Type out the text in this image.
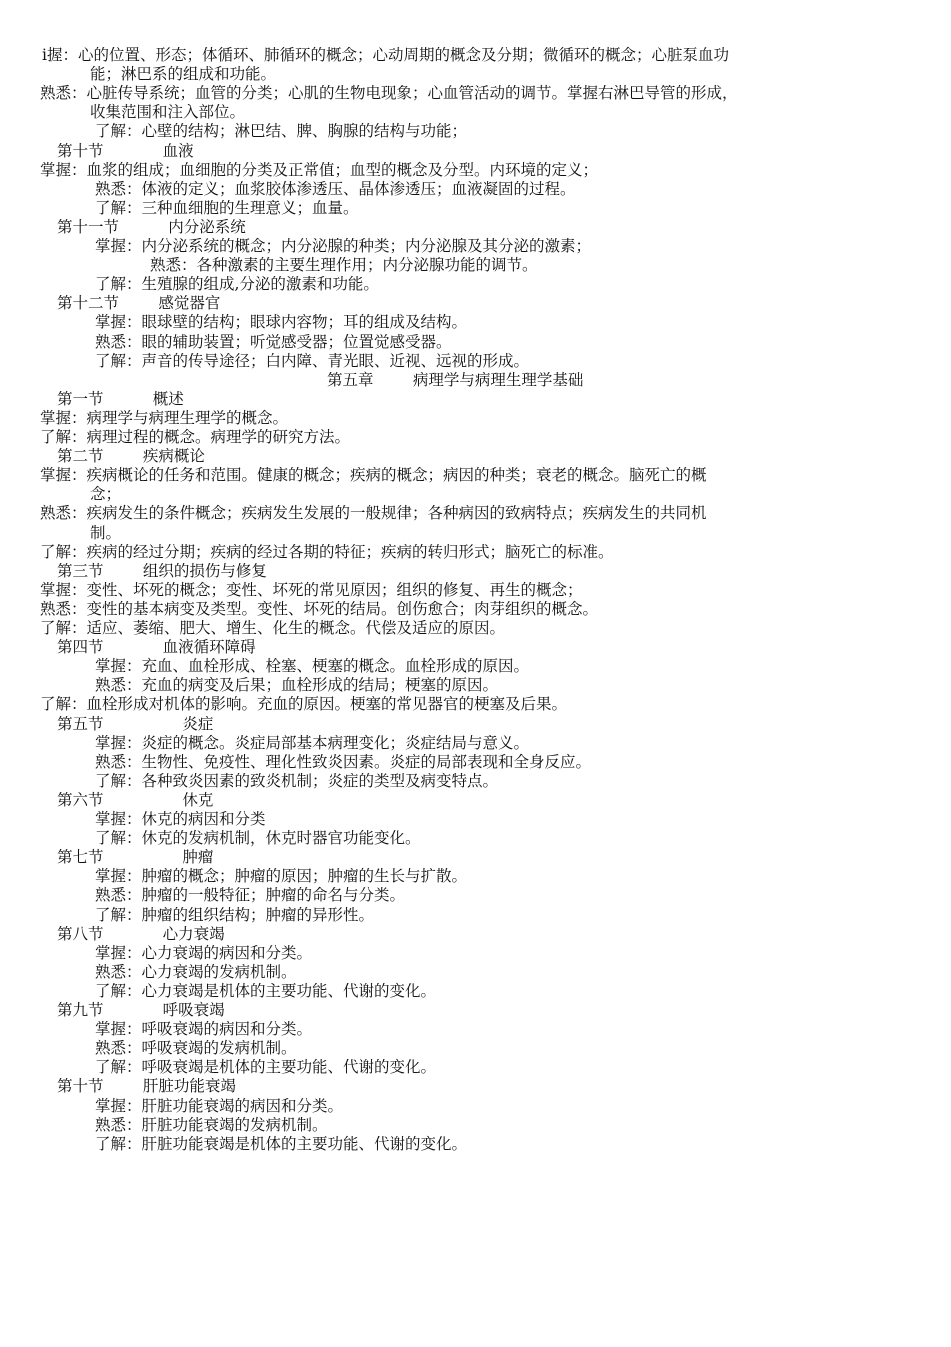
ⅰ握：心的位置、形态；体循环、肺循环的概念；心动周期的概念及分期；微循环的概念；心脏泵血功
能；淋巴系的组成和功能。
熟悉：心脏传导系统；血管的分类；心肌的生物电现象；心血管活动的调节。掌握右淋巴导管的形成，
收集范围和注入部位。
了解：心壁的结构；淋巴结、脾、胸腺的结构与功能；
第十节            血液
掌握：血浆的组成；血细胞的分类及正常值；血型的概念及分型。内环境的定义；
熟悉：体液的定义；血浆胶体渗透压、晶体渗透压；血液凝固的过程。
了解：三种血细胞的生理意义；血量。
第十一节          内分泌系统
掌握：内分泌系统的概念；内分泌腺的种类；内分泌腺及其分泌的激素；
熟悉：各种激素的主要生理作用；内分泌腺功能的调节。
了解：生殖腺的组成,分泌的激素和功能。
第十二节        感觉器官
掌握：眼球壁的结构；眼球内容物；耳的组成及结构。
熟悉：眼的辅助装置；听觉感受器；位置觉感受器。
了解：声音的传导途径；白内障、青光眼、近视、远视的形成。
第五章        病理学与病理生理学基础
第一节          概述
掌握：病理学与病理生理学的概念。
了解：病理过程的概念。病理学的研究方法。
第二节        疾病概论
掌握：疾病概论的任务和范围。健康的概念；疾病的概念；病因的种类；衰老的概念。脑死亡的概
念；
熟悉：疾病发生的条件概念；疾病发生发展的一般规律；各种病因的致病特点；疾病发生的共同机
制。
了解：疾病的经过分期；疾病的经过各期的特征；疾病的转归形式；脑死亡的标准。
第三节        组织的损伤与修复
掌握：变性、坏死的概念；变性、坏死的常见原因；组织的修复、再生的概念；
熟悉：变性的基本病变及类型。变性、坏死的结局。创伤愈合；肉芽组织的概念。
了解：适应、萎缩、肥大、增生、化生的概念。代偿及适应的原因。
第四节            血液循环障碍
掌握：充血、血栓形成、栓塞、梗塞的概念。血栓形成的原因。
熟悉：充血的病变及后果；血栓形成的结局；梗塞的原因。
了解：血栓形成对机体的影响。充血的原因。梗塞的常见器官的梗塞及后果。
第五节                炎症
掌握：炎症的概念。炎症局部基本病理变化；炎症结局与意义。
熟悉：生物性、免疫性、理化性致炎因素。炎症的局部表现和全身反应。
了解：各种致炎因素的致炎机制；炎症的类型及病变特点。
第六节                休克
掌握：休克的病因和分类
了解：休克的发病机制，休克时器官功能变化。
第七节                肿瘤
掌握：肿瘤的概念；肿瘤的原因；肿瘤的生长与扩散。
熟悉：肿瘤的一般特征；肿瘤的命名与分类。
了解：肿瘤的组织结构；肿瘤的异形性。
第八节            心力衰竭
掌握：心力衰竭的病因和分类。
熟悉：心力衰竭的发病机制。
了解：心力衰竭是机体的主要功能、代谢的变化。
第九节            呼吸衰竭
掌握：呼吸衰竭的病因和分类。
熟悉：呼吸衰竭的发病机制。
了解：呼吸衰竭是机体的主要功能、代谢的变化。
第十节        肝脏功能衰竭
掌握：肝脏功能衰竭的病因和分类。
熟悉：肝脏功能衰竭的发病机制。
了解：肝脏功能衰竭是机体的主要功能、代谢的变化。
